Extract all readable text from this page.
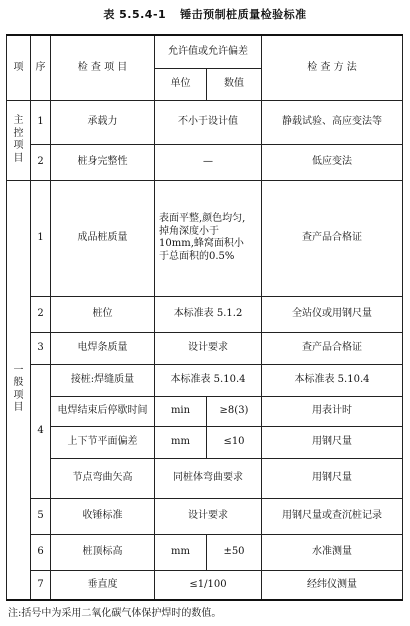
表 5.5.4-1 锤击预制桩质量检验标准
项	序	检 查 项 目	允许值或允许偏差		检 查 方 法
			单位	数值	

主
控
项
目	1	承载力	不小于设计值		静载试验、高应变法等
	2	桩身完整性	—		低应变法

一
般
项
目	1	成品桩质量	表面平整,颜色均匀,掉角深度小于10mm,蜂窝面积小于总面积的0.5%		查产品合格证
	2	桩位	本标准表 5.1.2		全站仪或用钢尺量
	3	电焊条质量	设计要求		查产品合格证
	4	接桩:焊缝质量	本标准表 5.10.4		本标准表 5.10.4
		电焊结束后停歇时间	min	≥8(3)	用表计时
		上下节平面偏差	mm	≤10	用钢尺量
		节点弯曲矢高	同桩体弯曲要求		用钢尺量
	5	收锤标准	设计要求		用钢尺量或查沉桩记录
	6	桩顶标高	mm	±50	水准测量
	7	垂直度	≤1/100		经纬仪测量
注:括号中为采用二氧化碳气体保护焊时的数值。
